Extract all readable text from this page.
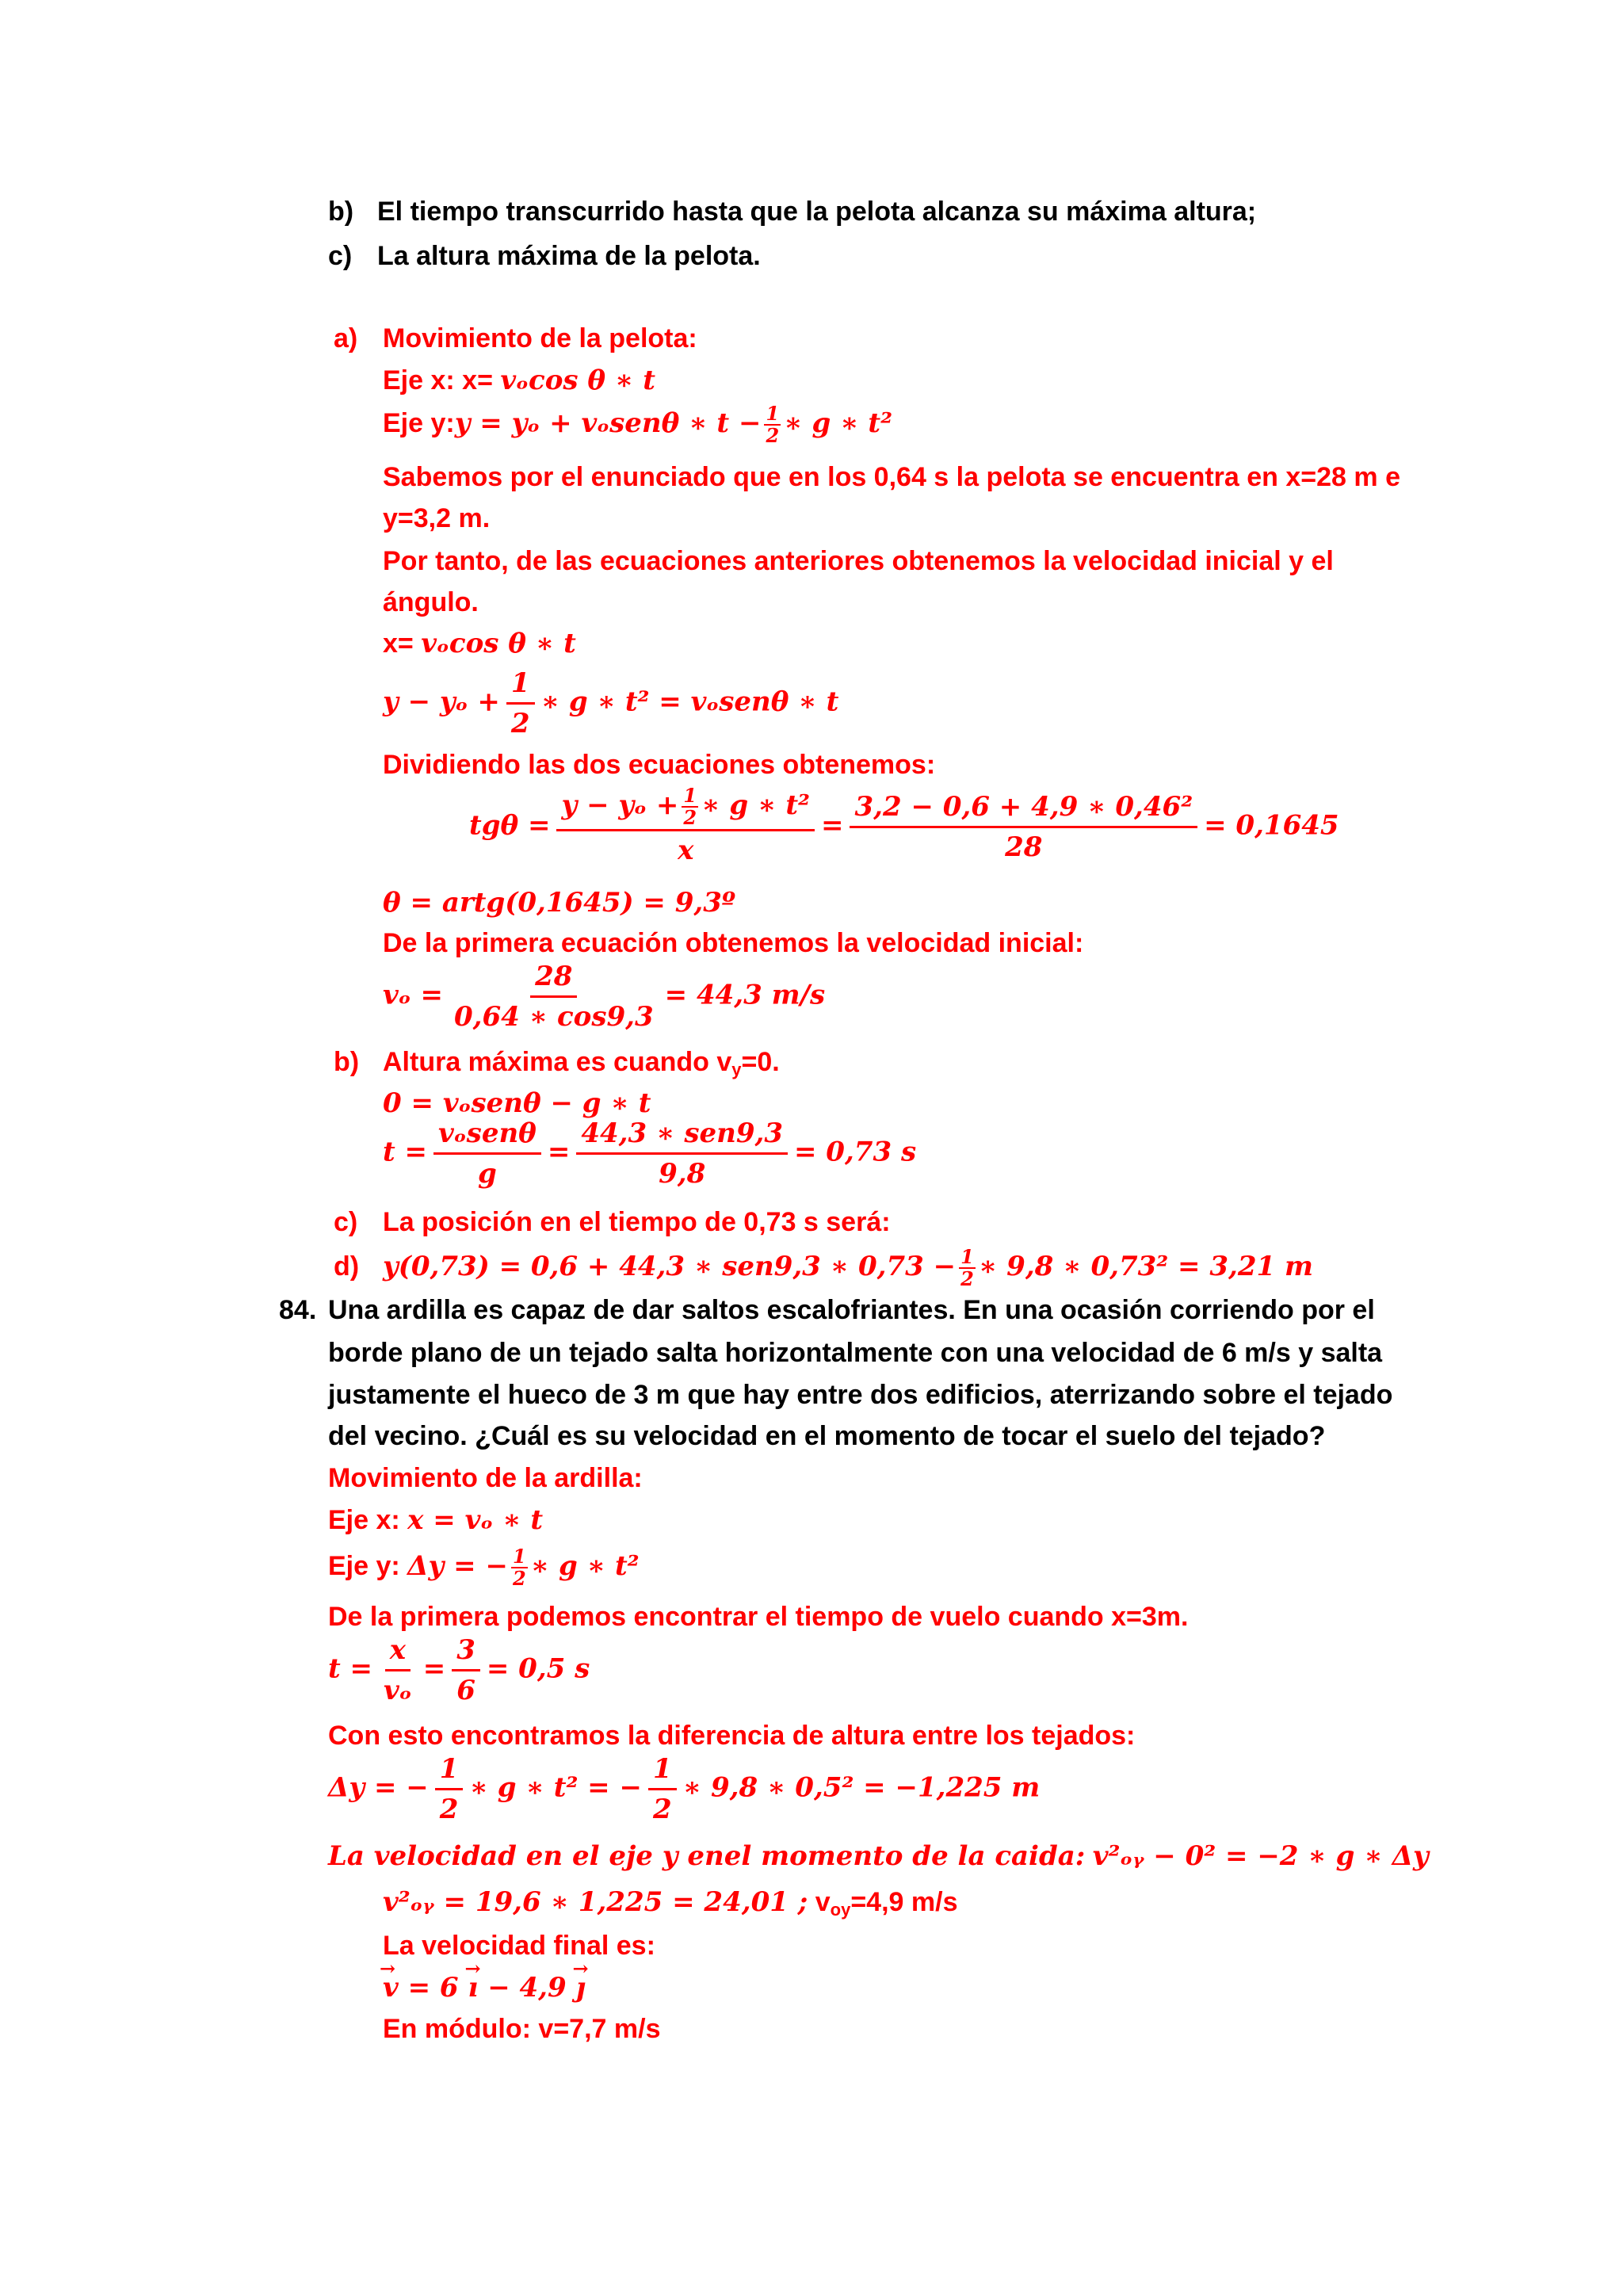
b) El tiempo transcurrido hasta que la pelota alcanza su máxima altura;
c) La altura máxima de la pelota.
a) Movimiento de la pelota:
Eje x: x= vₒcos θ ∗ t
Eje y:y = yₒ + vₒsenθ ∗ $t - \frac{1}{2}$ ∗ g ∗ t²
Sabemos por el enunciado que en los 0,64 s la pelota se encuentra en x=28 m e
y=3,2 m.
Por tanto, de las ecuaciones anteriores obtenemos la velocidad inicial y el
ángulo.
x= vₒcos θ ∗ t
$y - y_o + \frac{1}{2}$ ∗ g ∗ t² = vₒsenθ ∗ t
Dividiendo las dos ecuaciones obtenemos:
$tg\theta = \frac{y - y_o + \frac{1}{2} ∗ g ∗ t^2}{x} = \frac{\text{3,2 − 0,6 + 4,9 ∗ 0,46²}}{28} = 0,1645$
θ = artg(0,1645) = 9,3º
De la primera ecuación obtenemos la velocidad inicial:
$v_o = \frac{28}{0,64 ∗ \cos 9,3} = 44,3$ m/s
b) Altura máxima es cuando $v_y=0$.
0 = vₒsenθ − g ∗ t
$t = \frac{\text{vₒsenθ}}{g} = \frac{\text{44,3 ∗ sen9,3}}{9,8} = 0,73$ s
c) La posición en el tiempo de 0,73 s será:
d) y(0,73) = 0,6 + 44,3 ∗ sen9,3 ∗ $0,73 - \frac{1}{2}$ ∗ 9,8 ∗ 0,73² = 3,21 m
84. Una ardilla es capaz de dar saltos escalofriantes. En una ocasión corriendo por el
borde plano de un tejado salta horizontalmente con una velocidad de 6 m/s y salta
justamente el hueco de 3 m que hay entre dos edificios, aterrizando sobre el tejado
del vecino. ¿Cuál es su velocidad en el momento de tocar el suelo del tejado?
Movimiento de la ardilla:
Eje x: x = vₒ ∗ t
Eje y: Δy = − $\frac{1}{2}$ ∗ g ∗ t²
De la primera podemos encontrar el tiempo de vuelo cuando x=3m.
$t = \frac{x}{\text{vₒ}} = \frac{3}{6} = 0,5$ s
Con esto encontramos la diferencia de altura entre los tejados:
Δy = − $\frac{1}{2}$ ∗ g ∗ t² = − $\frac{1}{2}$ ∗ 9,8 ∗ 0,5² = −1,225 m
La velocidad en el eje y enel momento de la caida: v²ₒᵧ − 0² = −2 ∗ g ∗ Δy
v²ₒᵧ = 19,6 ∗ 1,225 = 24,01 ; $v_{oy}=4,9$ m/s
La velocidad final es:
→ v = 6 → ı − 4,9 → ȷ
En módulo: v=7,7 m/s
